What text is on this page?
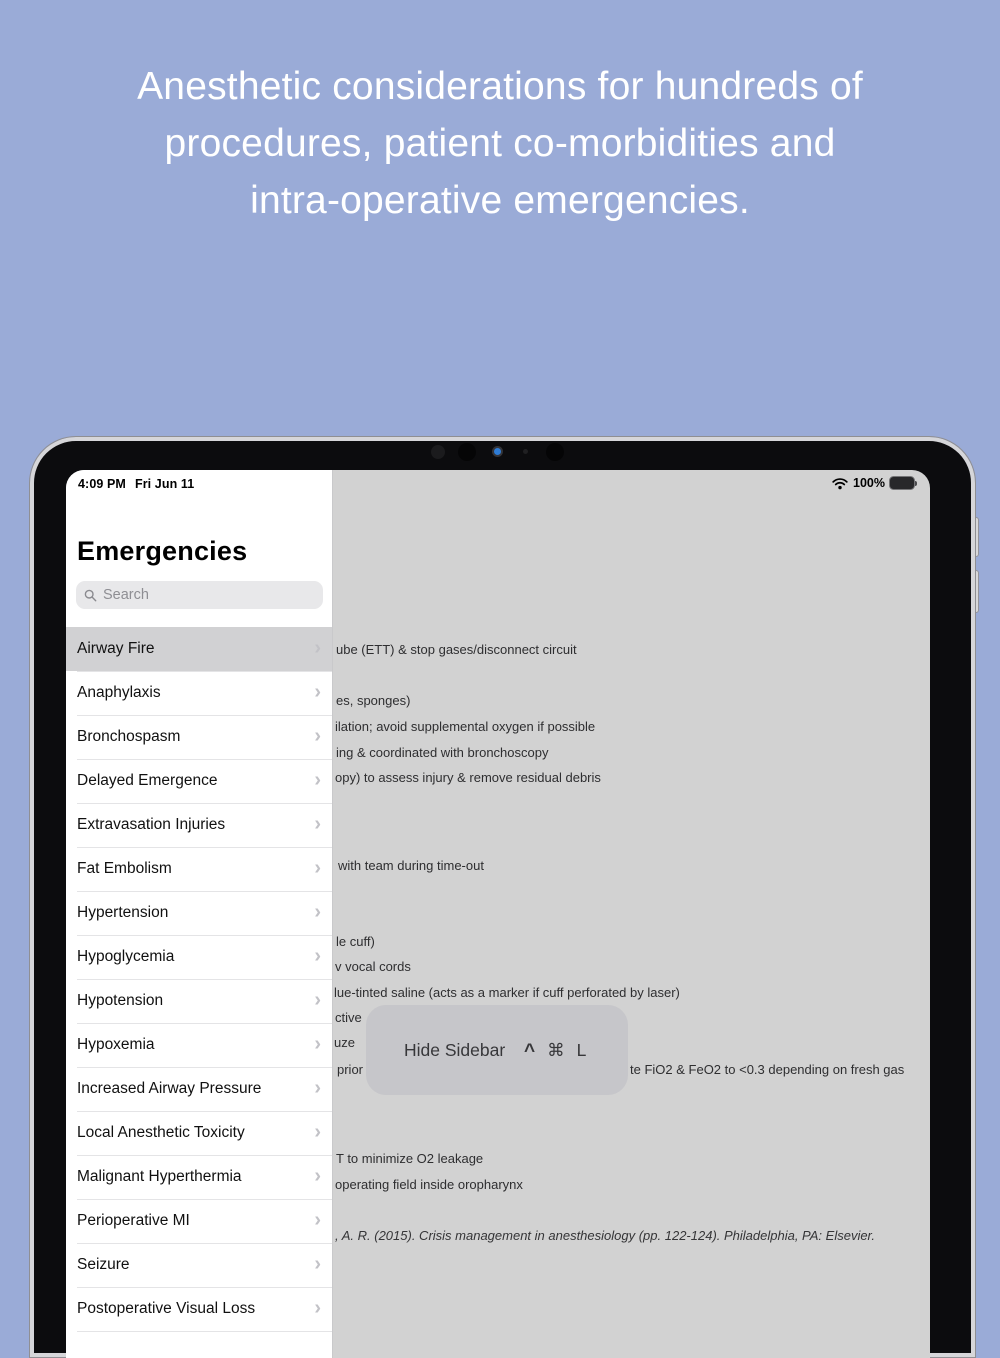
Anesthetic considerations for hundreds of
procedures, patient co-morbidities and
intra-operative emergencies.
ube (ETT) & stop gases/disconnect circuit
es, sponges)
ilation; avoid supplemental oxygen if possible
ing & coordinated with bronchoscopy
opy) to assess injury & remove residual debris
with team during time-out
le cuff)
v vocal cords
lue-tinted saline (acts as a marker if cuff perforated by laser)
ctive
uze
prior	te FiO2 & FeO2 to <0.3 depending on fresh gas
T to minimize O2 leakage
operating field inside oropharynx
, A. R. (2015). Crisis management in anesthesiology (pp. 122-124). Philadelphia, PA: Elsevier.
Hide Sidebar ^ ⌘ L
Emergencies
Search
Airway Fire	›
Anaphylaxis	›
Bronchospasm	›
Delayed Emergence	›
Extravasation Injuries	›
Fat Embolism	›
Hypertension	›
Hypoglycemia	›
Hypotension	›
Hypoxemia	›
Increased Airway Pressure	›
Local Anesthetic Toxicity	›
Malignant Hyperthermia	›
Perioperative MI	›
Seizure	›
Postoperative Visual Loss	›
4:09 PM Fri Jun 11	100%
